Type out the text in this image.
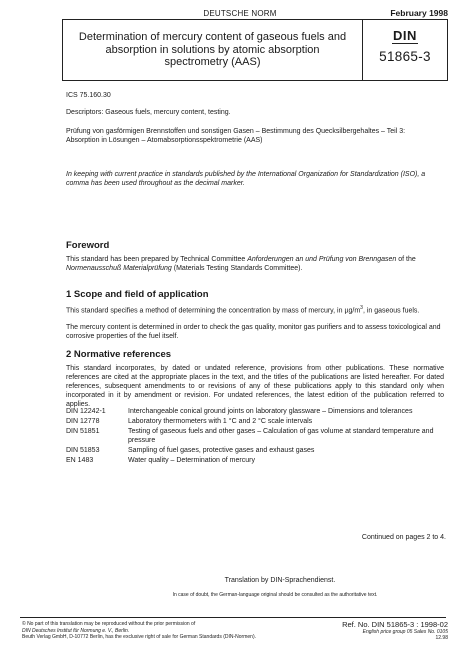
DEUTSCHE NORM	February 1998
Determination of mercury content of gaseous fuels and absorption in solutions by atomic absorption spectrometry (AAS)
DIN
51865-3
ICS 75.160.30
Descriptors: Gaseous fuels, mercury content, testing.
Prüfung von gasförmigen Brennstoffen und sonstigen Gasen – Bestimmung des Quecksilbergehaltes – Teil 3: Absorption in Lösungen – Atomabsorptionsspektrometrie (AAS)
In keeping with current practice in standards published by the International Organization for Standardization (ISO), a comma has been used throughout as the decimal marker.
Foreword
This standard has been prepared by Technical Committee Anforderungen an und Prüfung von Brenngasen of the Normenausschuß Materialprüfung (Materials Testing Standards Committee).
1 Scope and field of application
This standard specifies a method of determining the concentration by mass of mercury, in $\mu g/m^3$, in gaseous fuels.
The mercury content is determined in order to check the gas quality, monitor gas purifiers and to assess toxicological and corrosive properties of the fuel itself.
2 Normative references
This standard incorporates, by dated or undated reference, provisions from other publications. These normative references are cited at the appropriate places in the text, and the titles of the publications are listed hereafter. For dated references, subsequent amendments to or revisions of any of these publications apply to this standard only when incorporated in it by amendment or revision. For undated references, the latest edition of the publication referred to applies.
DIN 12242-1	Interchangeable conical ground joints on laboratory glassware – Dimensions and tolerances
DIN 12778	Laboratory thermometers with 1 °C and 2 °C scale intervals
DIN 51851	Testing of gaseous fuels and other gases – Calculation of gas volume at standard temperature and pressure
DIN 51853	Sampling of fuel gases, protective gases and exhaust gases
EN 1483	Water quality – Determination of mercury
Continued on pages 2 to 4.
Translation by DIN-Sprachendienst.
In case of doubt, the German-language original should be consulted as the authoritative text.
© No part of this translation may be reproduced without the prior permission of
DIN Deutsches Institut für Normung e. V., Berlin.
Beuth Verlag GmbH, D-10772 Berlin, has the exclusive right of sale for German Standards (DIN-Normen).
Ref. No. DIN 51865-3 : 1998-02
English price group 05 Sales No. 0105
12.98
